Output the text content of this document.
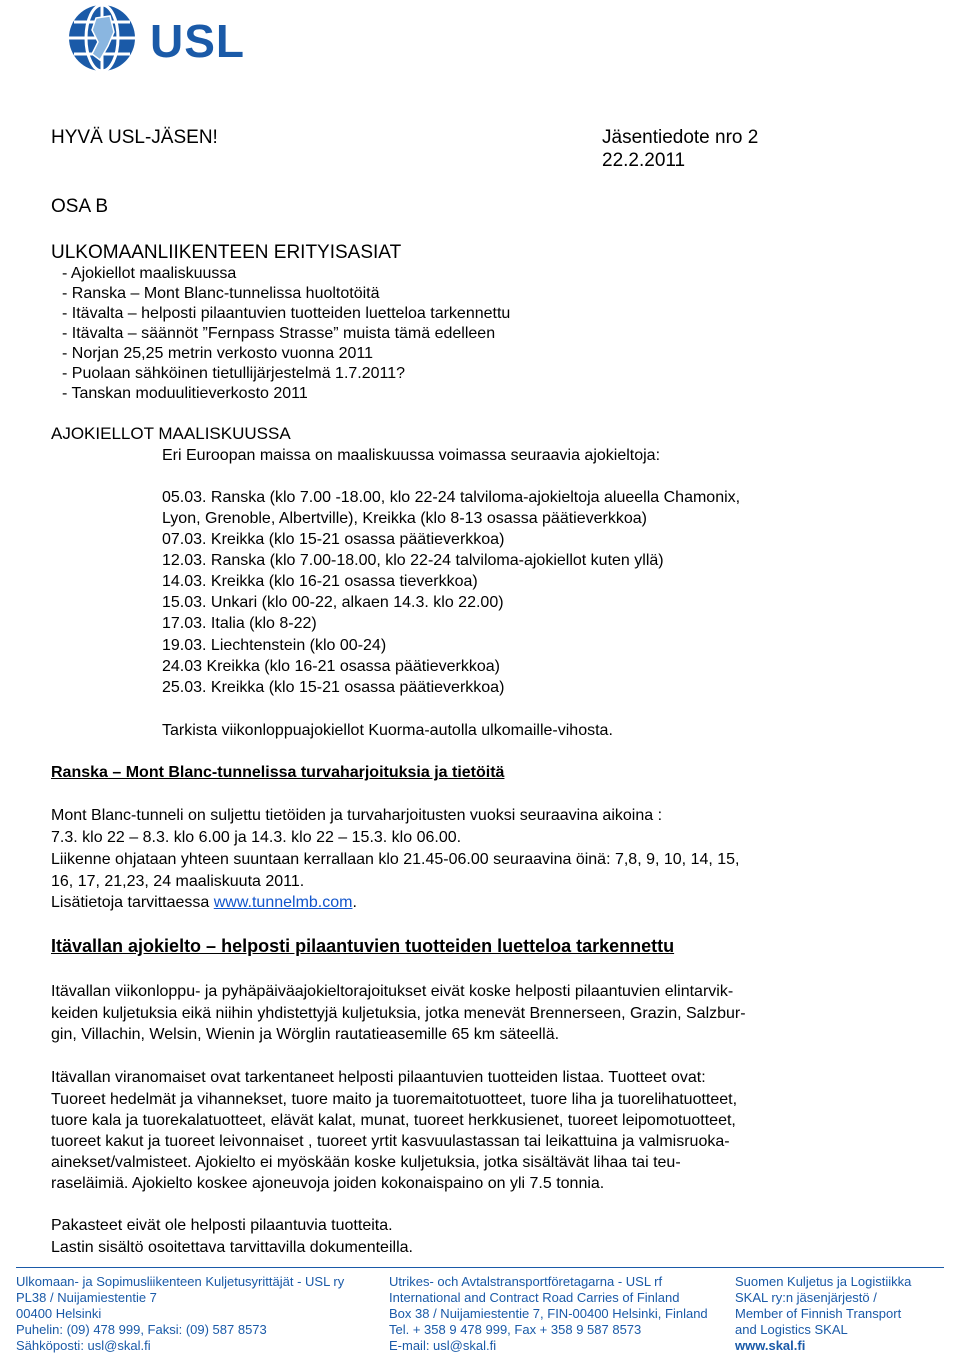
USL
HYVÄ USL-JÄSEN!	Jäsentiedote nro 2
22.2.2011
OSA B
ULKOMAANLIIKENTEEN ERITYISASIAT
- Ajokiellot maaliskuussa
- Ranska – Mont Blanc-tunnelissa huoltotöitä
- Itävalta – helposti pilaantuvien tuotteiden luetteloa tarkennettu
- Itävalta – säännöt ”Fernpass Strasse” muista tämä edelleen
- Norjan 25,25 metrin verkosto vuonna 2011
- Puolaan sähköinen tietullijärjestelmä 1.7.2011?
- Tanskan moduulitieverkosto 2011
AJOKIELLOT MAALISKUUSSA
Eri Euroopan maissa on maaliskuussa voimassa seuraavia ajokieltoja:
05.03. Ranska (klo 7.00 -18.00, klo 22-24 talviloma-ajokieltoja alueella Chamonix,
Lyon, Grenoble, Albertville), Kreikka (klo 8-13 osassa päätieverkkoa)
07.03. Kreikka (klo 15-21 osassa päätieverkkoa)
12.03. Ranska (klo 7.00-18.00, klo 22-24 talviloma-ajokiellot kuten yllä)
14.03. Kreikka (klo 16-21 osassa tieverkkoa)
15.03. Unkari (klo 00-22, alkaen 14.3. klo 22.00)
17.03. Italia (klo 8-22)
19.03. Liechtenstein (klo 00-24)
24.03 Kreikka (klo 16-21 osassa päätieverkkoa)
25.03. Kreikka (klo 15-21 osassa päätieverkkoa)
Tarkista viikonloppuajokiellot Kuorma-autolla ulkomaille-vihosta.
Ranska – Mont Blanc-tunnelissa turvaharjoituksia ja tietöitä
Mont Blanc-tunneli on suljettu tietöiden ja turvaharjoitusten vuoksi seuraavina aikoina :
7.3. klo 22 – 8.3. klo 6.00 ja 14.3. klo 22 – 15.3. klo 06.00.
Liikenne ohjataan yhteen suuntaan kerrallaan klo 21.45-06.00 seuraavina öinä: 7,8, 9, 10, 14, 15,
16, 17, 21,23, 24 maaliskuuta 2011.
Lisätietoja tarvittaessa www.tunnelmb.com.
Itävallan ajokielto – helposti pilaantuvien tuotteiden luetteloa tarkennettu
Itävallan viikonloppu- ja pyhäpäiväajokieltorajoitukset eivät koske helposti pilaantuvien elintarvik-
keiden kuljetuksia eikä niihin yhdistettyjä kuljetuksia, jotka menevät Brennerseen, Grazin, Salzbur-
gin, Villachin, Welsin, Wienin ja Wörglin rautatieasemille 65 km säteellä.
Itävallan viranomaiset ovat tarkentaneet helposti pilaantuvien tuotteiden listaa. Tuotteet ovat:
Tuoreet hedelmät ja vihannekset, tuore maito ja tuoremaitotuotteet, tuore liha ja tuorelihatuotteet,
tuore kala ja tuorekalatuotteet, elävät kalat, munat, tuoreet herkkusienet, tuoreet leipomotuotteet,
tuoreet kakut ja tuoreet leivonnaiset , tuoreet yrtit kasvuulastassan tai leikattuina ja valmisruoka-
ainekset/valmisteet. Ajokielto ei myöskään koske kuljetuksia, jotka sisältävät lihaa tai teu-
raseläimiä. Ajokielto koskee ajoneuvoja joiden kokonaispaino on yli 7.5 tonnia.
Pakasteet eivät ole helposti pilaantuvia tuotteita.
Lastin sisältö osoitettava tarvittavilla dokumenteilla.
Ulkomaan- ja Sopimusliikenteen Kuljetusyrittäjät - USL ry
PL38 / Nuijamiestentie 7
00400 Helsinki
Puhelin: (09) 478 999, Faksi: (09) 587 8573
Sähköposti: usl@skal.fi
Utrikes- och Avtalstransportföretagarna - USL rf
International and Contract Road Carries of Finland
Box 38 / Nuijamiestentie 7, FIN-00400 Helsinki, Finland
Tel. + 358 9 478 999, Fax + 358 9 587 8573
E-mail: usl@skal.fi
Suomen Kuljetus ja Logistiikka
SKAL ry:n jäsenjärjestö /
Member of Finnish Transport
and Logistics SKAL
www.skal.fi
